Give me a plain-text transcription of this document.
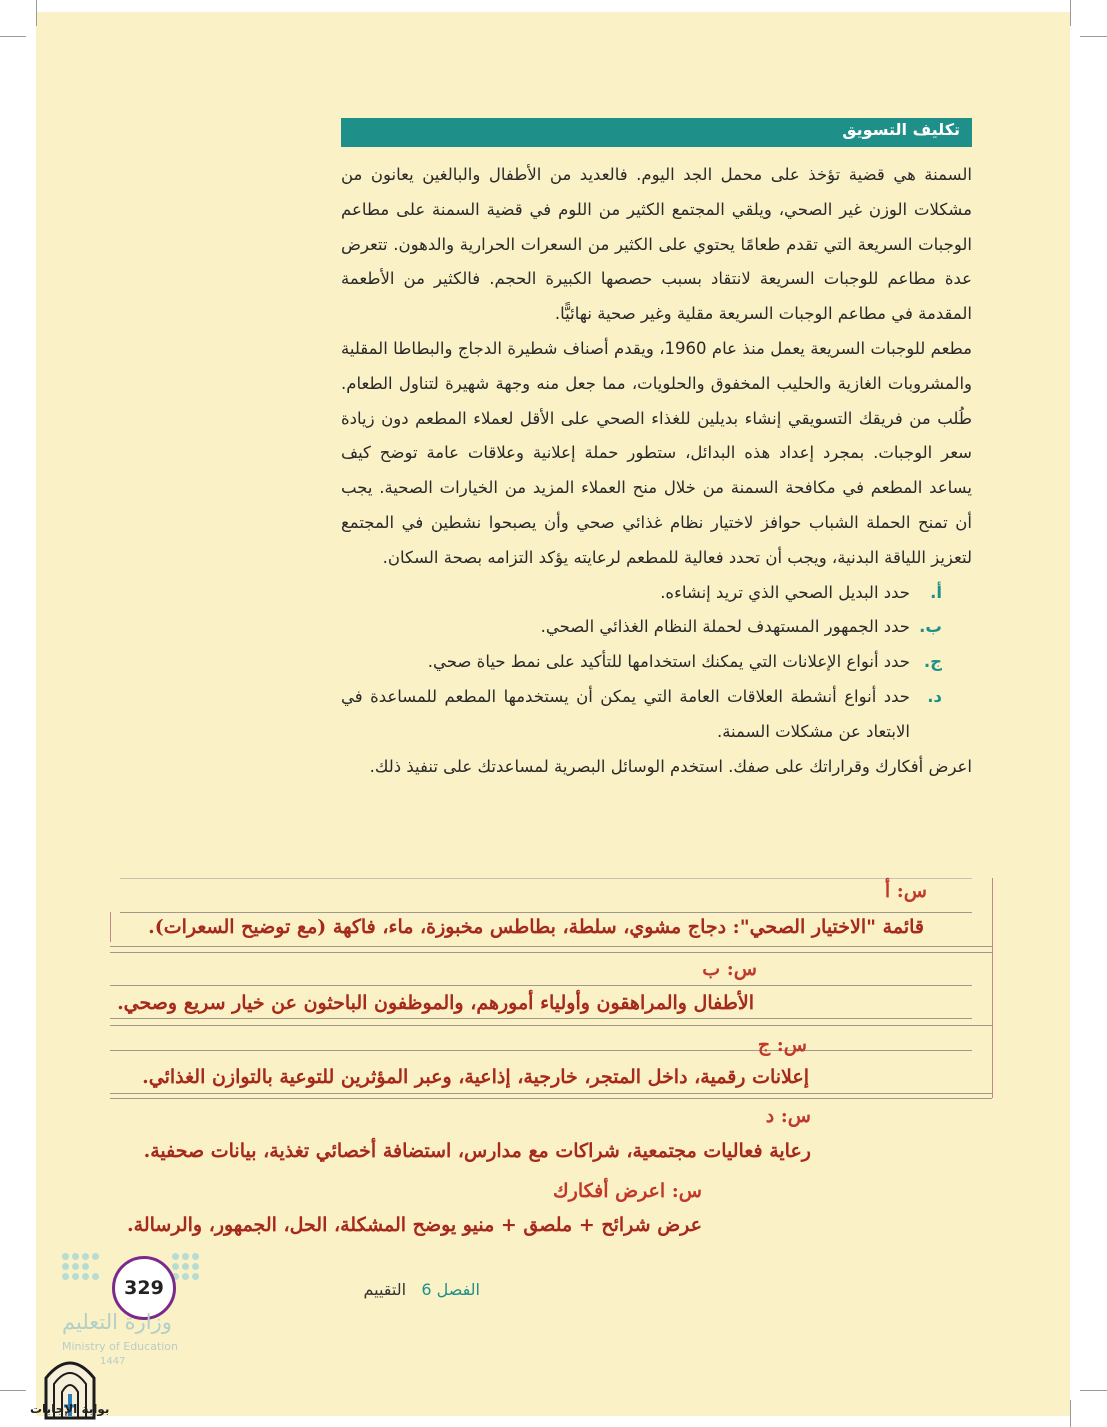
تكليف التسويق

السمنة هي قضية تؤخذ على محمل الجد اليوم. فالعديد من الأطفال والبالغين يعانون من مشكلات الوزن غير الصحي، ويلقي المجتمع الكثير من اللوم في قضية السمنة على مطاعم الوجبات السريعة التي تقدم طعامًا يحتوي على الكثير من السعرات الحرارية والدهون. تتعرض عدة مطاعم للوجبات السريعة لانتقاد بسبب حصصها الكبيرة الحجم. فالكثير من الأطعمة المقدمة في مطاعم الوجبات السريعة مقلية وغير صحية نهائيًّا.

مطعم للوجبات السريعة يعمل منذ عام 1960، ويقدم أصناف شطيرة الدجاج والبطاطا المقلية والمشروبات الغازية والحليب المخفوق والحلويات، مما جعل منه وجهة شهيرة لتناول الطعام. طُلب من فريقك التسويقي إنشاء بديلين للغذاء الصحي على الأقل لعملاء المطعم دون زيادة سعر الوجبات. بمجرد إعداد هذه البدائل، ستطور حملة إعلانية وعلاقات عامة توضح كيف يساعد المطعم في مكافحة السمنة من خلال منح العملاء المزيد من الخيارات الصحية. يجب أن تمنح الحملة الشباب حوافز لاختيار نظام غذائي صحي وأن يصبحوا نشطين في المجتمع لتعزيز اللياقة البدنية، ويجب أن تحدد فعالية للمطعم لرعايته يؤكد التزامه بصحة السكان.

أ.
حدد البديل الصحي الذي تريد إنشاءه.
ب.
حدد الجمهور المستهدف لحملة النظام الغذائي الصحي.
ج.
حدد أنواع الإعلانات التي يمكنك استخدامها للتأكيد على نمط حياة صحي.
د.
حدد أنواع أنشطة العلاقات العامة التي يمكن أن يستخدمها المطعم للمساعدة في الابتعاد عن مشكلات السمنة.

اعرض أفكارك وقراراتك على صفك. استخدم الوسائل البصرية لمساعدتك على تنفيذ ذلك.

س: أ
قائمة "الاختيار الصحي": دجاج مشوي، سلطة، بطاطس مخبوزة، ماء، فاكهة (مع توضيح السعرات).
س: ب
الأطفال والمراهقون وأولياء أمورهم، والموظفون الباحثون عن خيار سريع وصحي.
س: ج
إعلانات رقمية، داخل المتجر، خارجية، إذاعية، وعبر المؤثرين للتوعية بالتوازن الغذائي.
س: د
رعاية فعاليات مجتمعية، شراكات مع مدارس، استضافة أخصائي تغذية، بيانات صحفية.
س: اعرض أفكارك
عرض شرائح + ملصق + منيو يوضح المشكلة، الحل، الجمهور، والرسالة.
الفصل 6   التقييم
329
وزارة التعليم
Ministry of Education
1447
بوابة الإجابات
